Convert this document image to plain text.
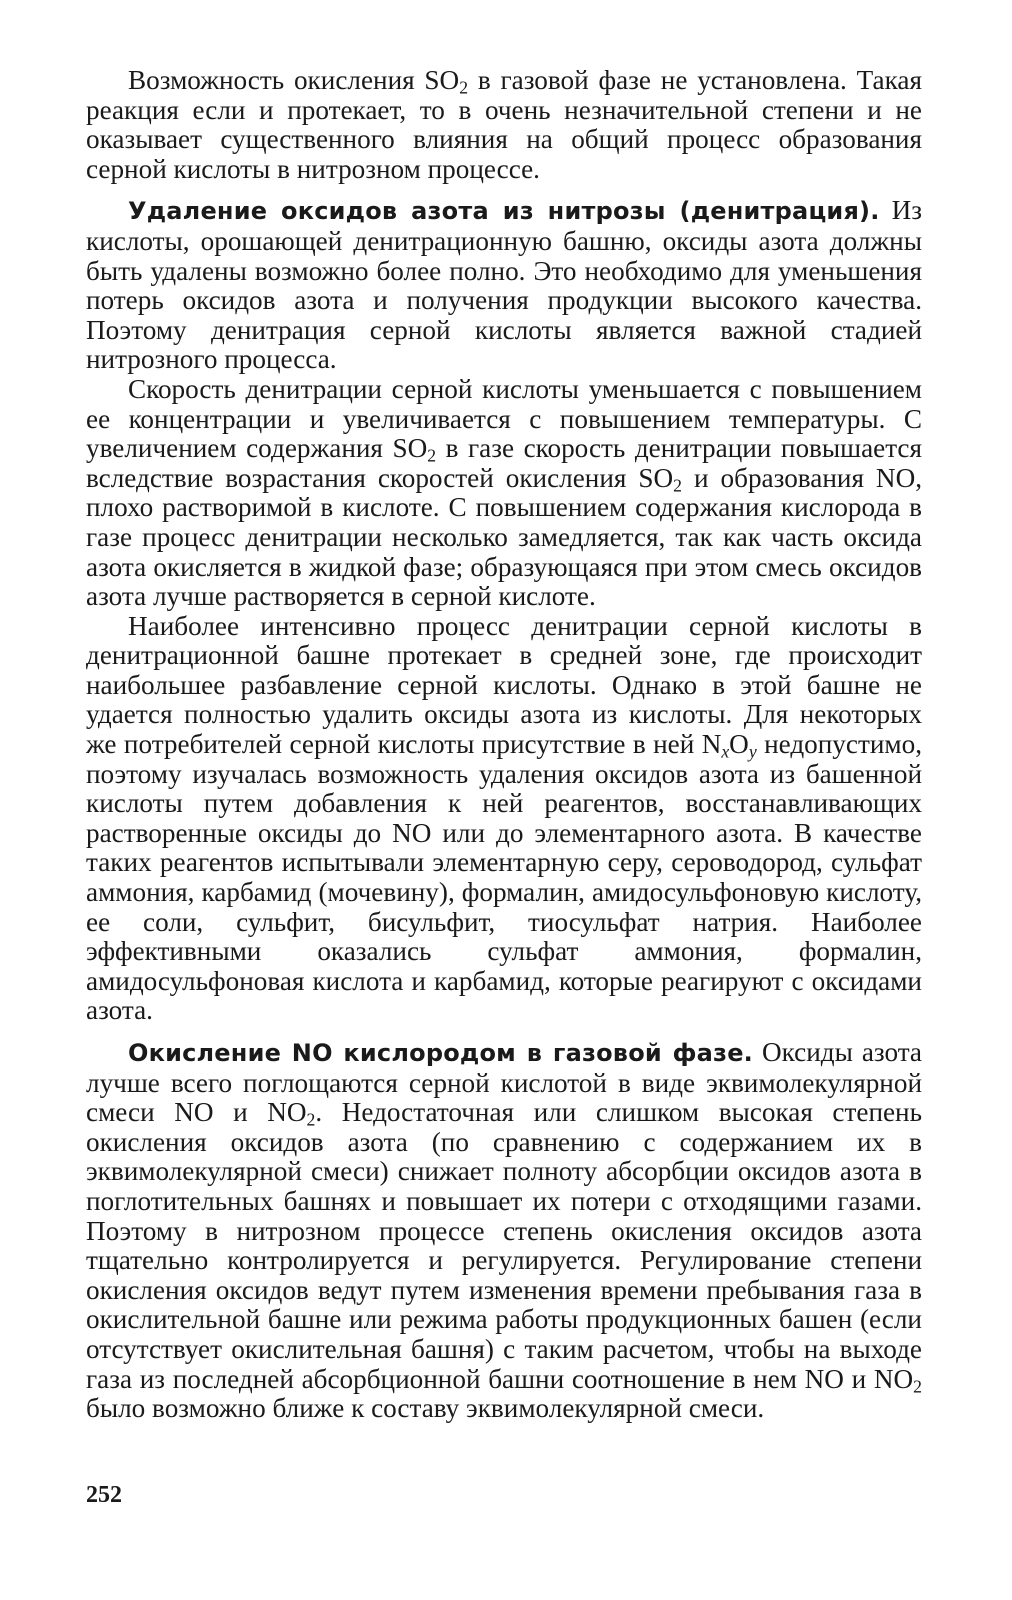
Возможность окисления $SO_2$ в газовой фазе не установлена. Такая реакция если и протекает, то в очень незначительной степени и не оказывает существенного влияния на общий процесс образования серной кислоты в нитрозном процессе.

Удаление оксидов азота из нитрозы (денитрация). Из кислоты, орошающей денитрационную башню, оксиды азота должны быть удалены возможно более полно. Это необходимо для уменьшения потерь оксидов азота и получения продукции высокого качества. Поэтому денитрация серной кислоты является важной стадией нитрозного процесса.

Скорость денитрации серной кислоты уменьшается с повышением ее концентрации и увеличивается с повышением температуры. С увеличением содержания $SO_2$ в газе скорость денитрации повышается вследствие возрастания скоростей окисления $SO_2$ и образования NO, плохо растворимой в кислоте. С повышением содержания кислорода в газе процесс денитрации несколько замедляется, так как часть оксида азота окисляется в жидкой фазе; образующаяся при этом смесь оксидов азота лучше растворяется в серной кислоте.

Наиболее интенсивно процесс денитрации серной кислоты в денитрационной башне протекает в средней зоне, где происходит наибольшее разбавление серной кислоты. Однако в этой башне не удается полностью удалить оксиды азота из кислоты. Для некоторых же потребителей серной кислоты присутствие в ней $N_xO_y$ недопустимо, поэтому изучалась возможность удаления оксидов азота из башенной кислоты путем добавления к ней реагентов, восстанавливающих растворенные оксиды до NO или до элементарного азота. В качестве таких реагентов испытывали элементарную серу, сероводород, сульфат аммония, карбамид (мочевину), формалин, амидосульфоновую кислоту, ее соли, сульфит, бисульфит, тиосульфат натрия. Наиболее эффективными оказались сульфат аммония, формалин, амидосульфоновая кислота и карбамид, которые реагируют с оксидами азота.

Окисление NO кислородом в газовой фазе. Оксиды азота лучше всего поглощаются серной кислотой в виде эквимолекулярной смеси NO и $NO_2$. Недостаточная или слишком высокая степень окисления оксидов азота (по сравнению с содержанием их в эквимолекулярной смеси) снижает полноту абсорбции оксидов азота в поглотительных башнях и повышает их потери с отходящими газами. Поэтому в нитрозном процессе степень окисления оксидов азота тщательно контролируется и регулируется. Регулирование степени окисления оксидов ведут путем изменения времени пребывания газа в окислительной башне или режима работы продукционных башен (если отсутствует окислительная башня) с таким расчетом, чтобы на выходе газа из последней абсорбционной башни соотношение в нем NO и $NO_2$ было возможно ближе к составу эквимолекулярной смеси.

252
